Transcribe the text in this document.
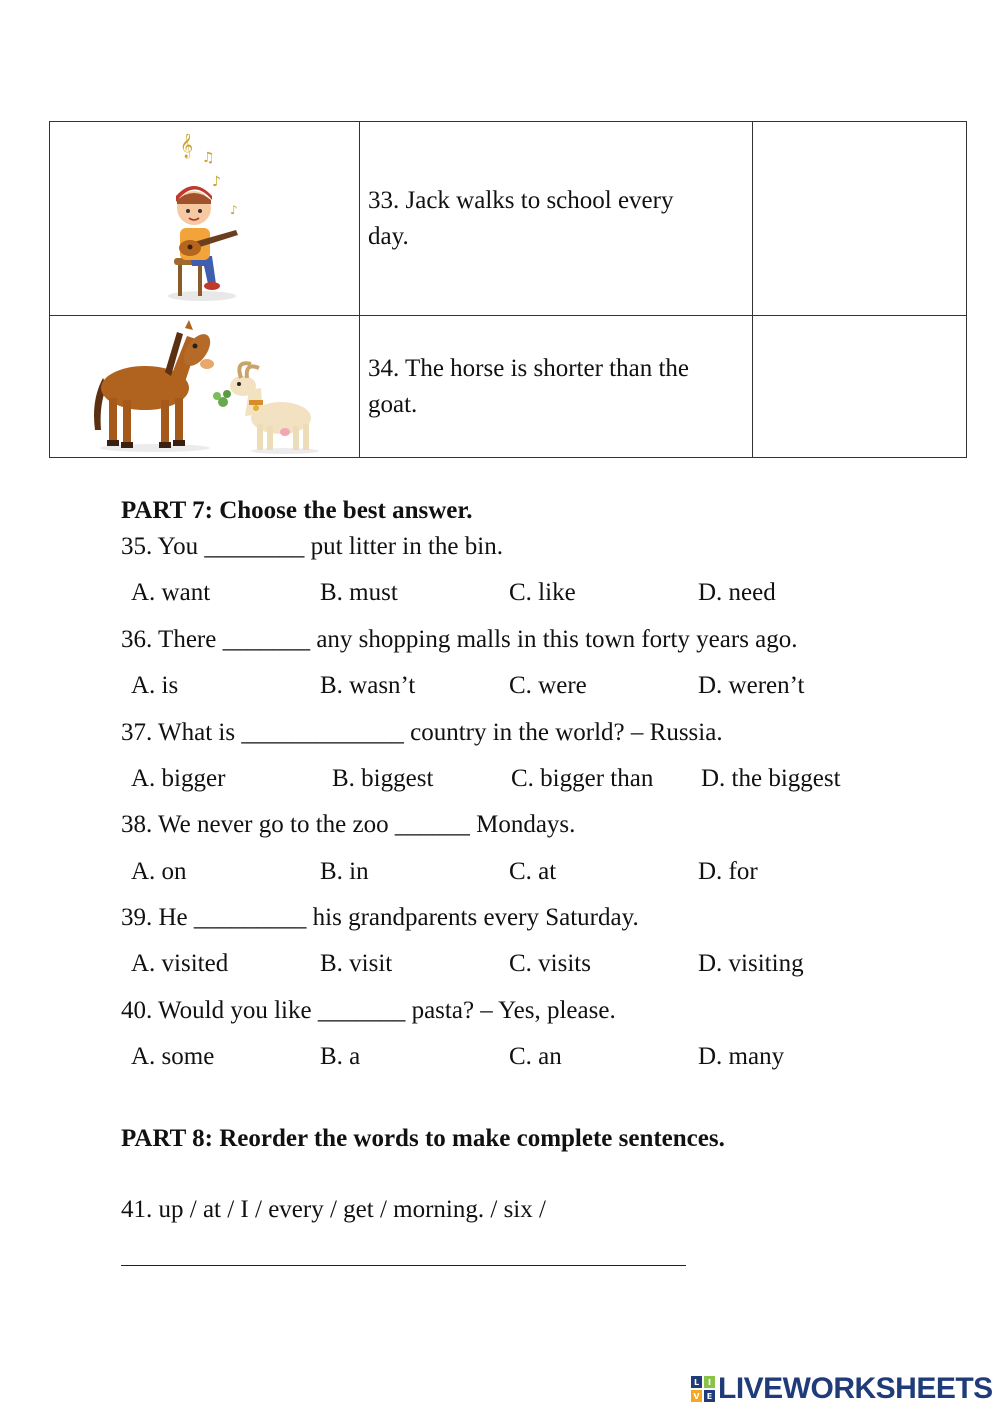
𝄞 ♫
♪
♪	33. Jack walks to school every day.	

34. The horse is shorter than the goat.	

PART 7: Choose the best answer.
35. You ________ put litter in the bin.
A. want	B. must	C. like	D. need
36. There _______ any shopping malls in this town forty years ago.
A. is	B. wasn’t	C. were	D. weren’t
37. What is _____________ country in the world? – Russia.
A. bigger	B. biggest	C. bigger than D. the biggest
38. We never go to the zoo ______ Mondays.
A. on	B. in	C. at	D. for
39. He _________ his grandparents every Saturday.
A. visited	B. visit	C. visits	D. visiting
40. Would you like _______ pasta? – Yes, please.
A. some	B. a	C. an	D. many
PART 8: Reorder the words to make complete sentences.
41. up / at / I / every / get / morning. / six /
L I
V E LIVEWORKSHEETS
